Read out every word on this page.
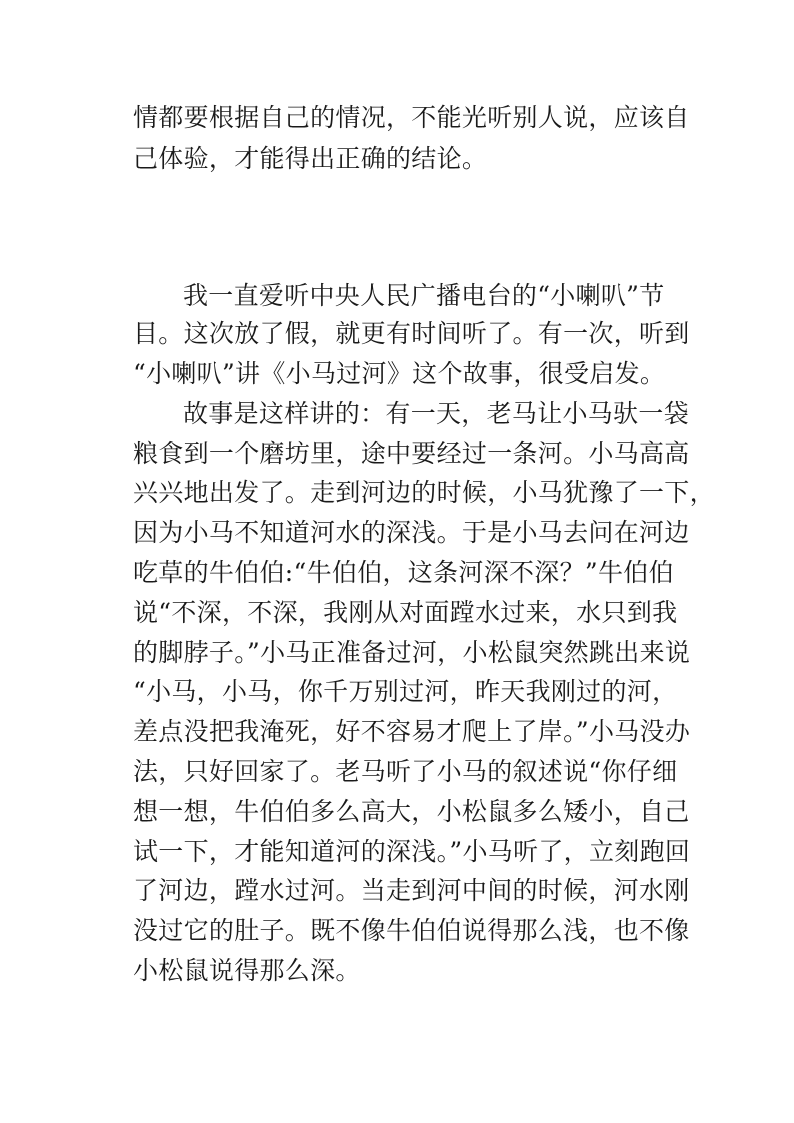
情都要根据自己的情况，不能光听别人说，应该自
己体验，才能得出正确的结论。
我一直爱听中央人民广播电台的“小喇叭”节
目。这次放了假，就更有时间听了。有一次，听到
“小喇叭”讲《小马过河》这个故事，很受启发。
故事是这样讲的：有一天，老马让小马驮一袋
粮食到一个磨坊里，途中要经过一条河。小马高高
兴兴地出发了。走到河边的时候，小马犹豫了一下，
因为小马不知道河水的深浅。于是小马去问在河边
吃草的牛伯伯:“牛伯伯，这条河深不深？”牛伯伯
说“不深，不深，我刚从对面蹚水过来，水只到我
的脚脖子。”小马正准备过河，小松鼠突然跳出来说
“小马，小马，你千万别过河，昨天我刚过的河，
差点没把我淹死，好不容易才爬上了岸。”小马没办
法，只好回家了。老马听了小马的叙述说“你仔细
想一想，牛伯伯多么高大，小松鼠多么矮小，自己
试一下，才能知道河的深浅。”小马听了，立刻跑回
了河边，蹚水过河。当走到河中间的时候，河水刚
没过它的肚子。既不像牛伯伯说得那么浅，也不像
小松鼠说得那么深。
